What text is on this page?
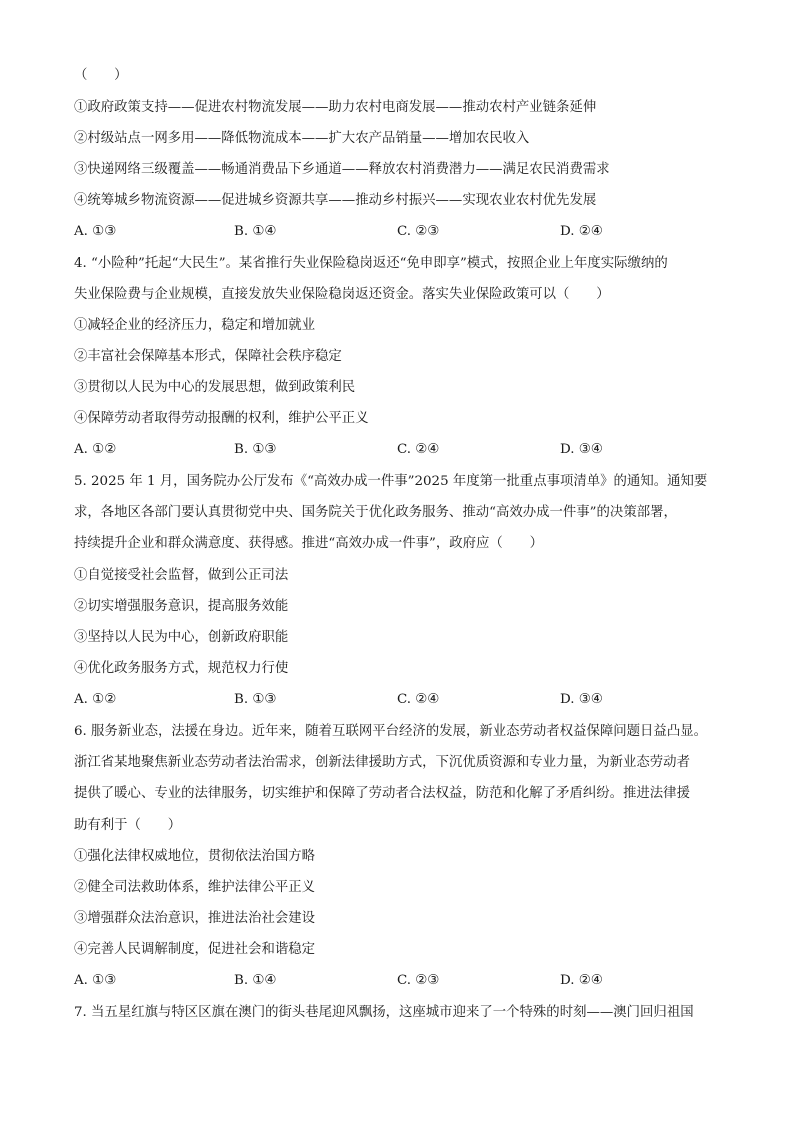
（　　）
①政府政策支持——促进农村物流发展——助力农村电商发展——推动农村产业链条延伸
②村级站点一网多用——降低物流成本——扩大农产品销量——增加农民收入
③快递网络三级覆盖——畅通消费品下乡通道——释放农村消费潜力——满足农民消费需求
④统筹城乡物流资源——促进城乡资源共享——推动乡村振兴——实现农业农村优先发展
A. ①③	B. ①④	C. ②③	D. ②④
4. “小险种”托起“大民生”。某省推行失业保险稳岗返还“免申即享”模式，按照企业上年度实际缴纳的
失业保险费与企业规模，直接发放失业保险稳岗返还资金。落实失业保险政策可以（　　）
①减轻企业的经济压力，稳定和增加就业
②丰富社会保障基本形式，保障社会秩序稳定
③贯彻以人民为中心的发展思想，做到政策利民
④保障劳动者取得劳动报酬的权利，维护公平正义
A. ①②	B. ①③	C. ②④	D. ③④
5. 2025 年 1 月，国务院办公厅发布《“高效办成一件事”2025 年度第一批重点事项清单》的通知。通知要
求，各地区各部门要认真贯彻党中央、国务院关于优化政务服务、推动“高效办成一件事”的决策部署，
持续提升企业和群众满意度、获得感。推进“高效办成一件事”，政府应（　　）
①自觉接受社会监督，做到公正司法
②切实增强服务意识，提高服务效能
③坚持以人民为中心，创新政府职能
④优化政务服务方式，规范权力行使
A. ①②	B. ①③	C. ②④	D. ③④
6. 服务新业态，法援在身边。近年来，随着互联网平台经济的发展，新业态劳动者权益保障问题日益凸显。
浙江省某地聚焦新业态劳动者法治需求，创新法律援助方式，下沉优质资源和专业力量，为新业态劳动者
提供了暖心、专业的法律服务，切实维护和保障了劳动者合法权益，防范和化解了矛盾纠纷。推进法律援
助有利于（　　）
①强化法律权威地位，贯彻依法治国方略
②健全司法救助体系，维护法律公平正义
③增强群众法治意识，推进法治社会建设
④完善人民调解制度，促进社会和谐稳定
A. ①③	B. ①④	C. ②③	D. ②④
7. 当五星红旗与特区区旗在澳门的街头巷尾迎风飘扬，这座城市迎来了一个特殊的时刻——澳门回归祖国
